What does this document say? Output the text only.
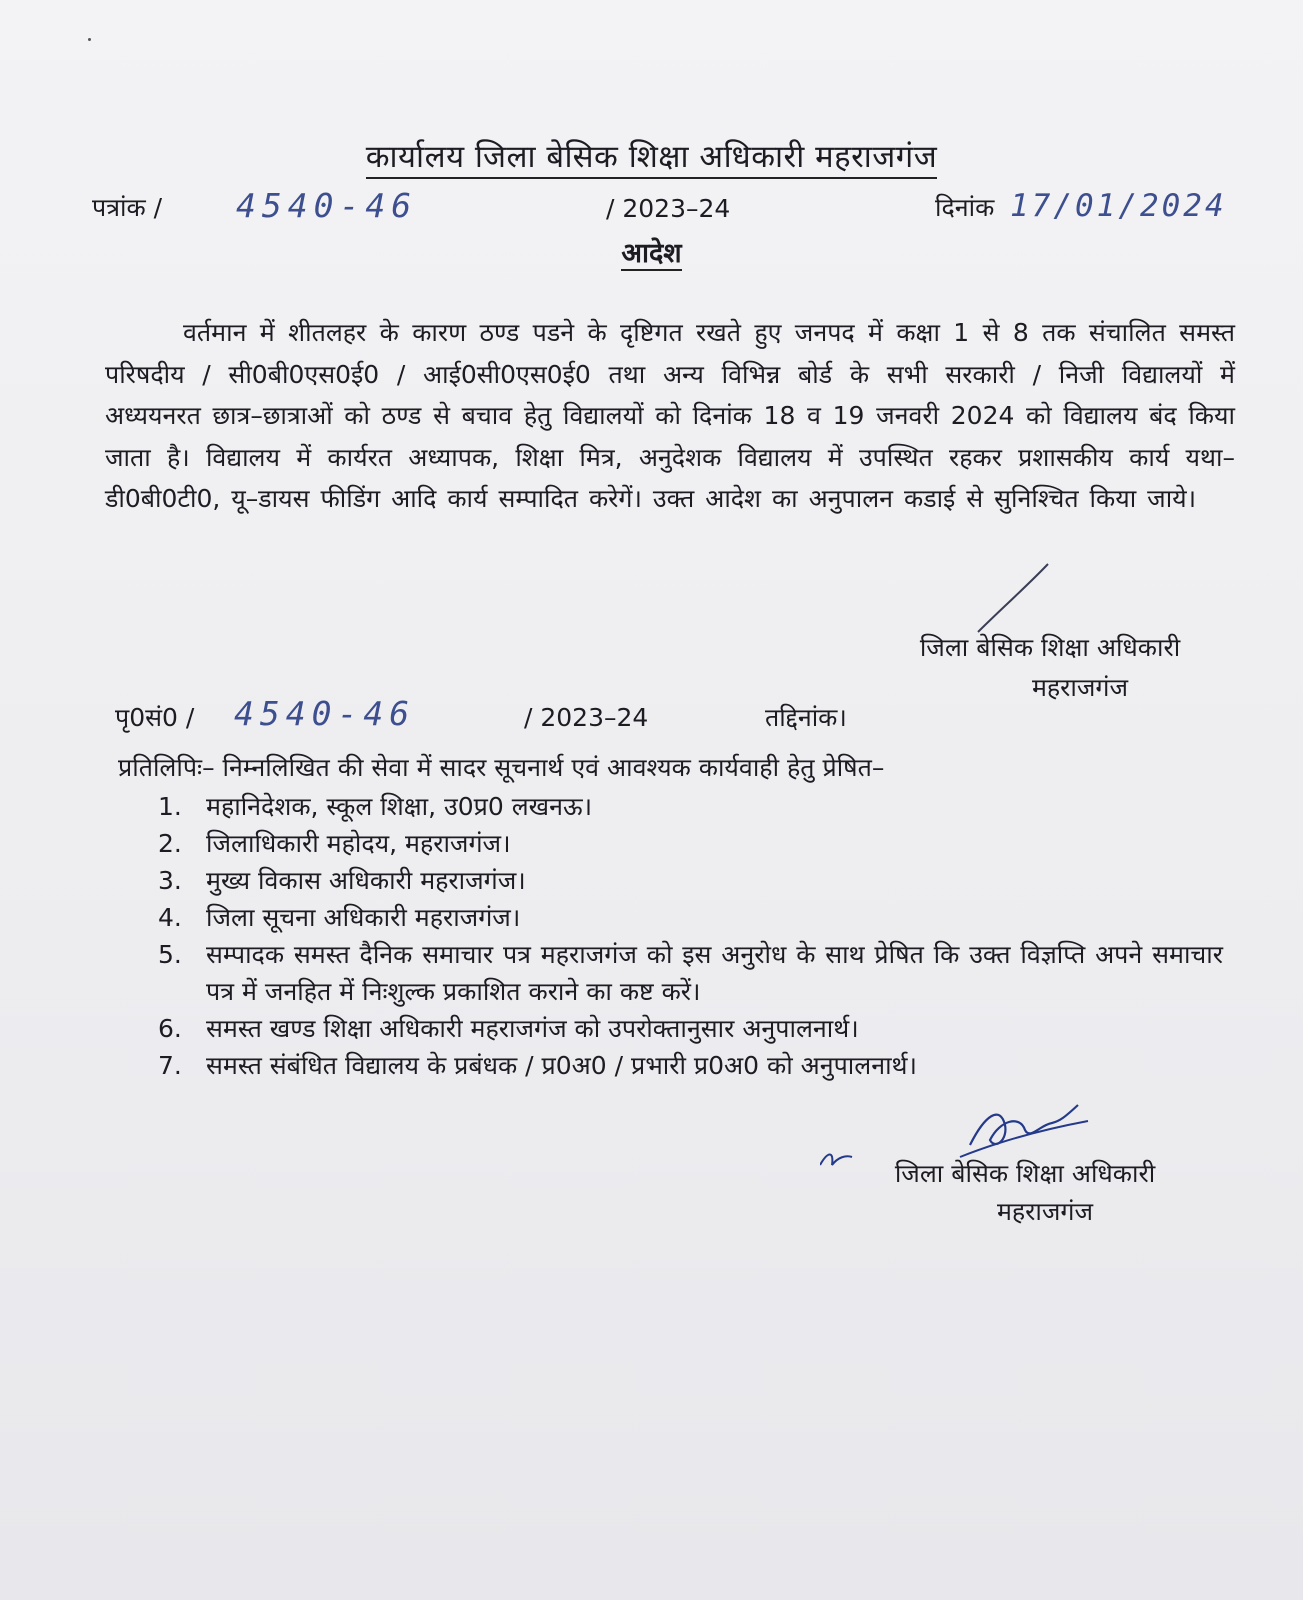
कार्यालय जिला बेसिक शिक्षा अधिकारी महराजगंज
पत्रांक / 4540-46	/ 2023–24	दिनांक 17/01/2024
आदेश
वर्तमान में शीतलहर के कारण ठण्ड पडने के दृष्टिगत रखते हुए जनपद में कक्षा 1 से 8 तक संचालित समस्त परिषदीय / सी0बी0एस0ई0 / आई0सी0एस0ई0 तथा अन्य विभिन्न बोर्ड के सभी सरकारी / निजी विद्यालयों में अध्ययनरत छात्र–छात्राओं को ठण्ड से बचाव हेतु विद्यालयों को दिनांक 18 व 19 जनवरी 2024 को विद्यालय बंद किया जाता है। विद्यालय में कार्यरत अध्यापक, शिक्षा मित्र, अनुदेशक विद्यालय में उपस्थित रहकर प्रशासकीय कार्य यथा–डी0बी0टी0, यू–डायस फीडिंग आदि कार्य सम्पादित करेगें। उक्त आदेश का अनुपालन कडाई से सुनिश्चित किया जाये।
जिला बेसिक शिक्षा अधिकारी
महराजगंज
पृ0सं0 / 4540-46	/ 2023–24	तद्दिनांक।
प्रतिलिपिः– निम्नलिखित की सेवा में सादर सूचनार्थ एवं आवश्यक कार्यवाही हेतु प्रेषित–
1. महानिदेशक, स्कूल शिक्षा, उ0प्र0 लखनऊ।
2. जिलाधिकारी महोदय, महराजगंज।
3. मुख्य विकास अधिकारी महराजगंज।
4. जिला सूचना अधिकारी महराजगंज।
5. सम्पादक समस्त दैनिक समाचार पत्र महराजगंज को इस अनुरोध के साथ प्रेषित कि उक्त विज्ञप्ति अपने समाचार पत्र में जनहित में निःशुल्क प्रकाशित कराने का कष्ट करें।
6. समस्त खण्ड शिक्षा अधिकारी महराजगंज को उपरोक्तानुसार अनुपालनार्थ।
7. समस्त संबंधित विद्यालय के प्रबंधक / प्र0अ0 / प्रभारी प्र0अ0 को अनुपालनार्थ।
जिला बेसिक शिक्षा अधिकारी
महराजगंज
